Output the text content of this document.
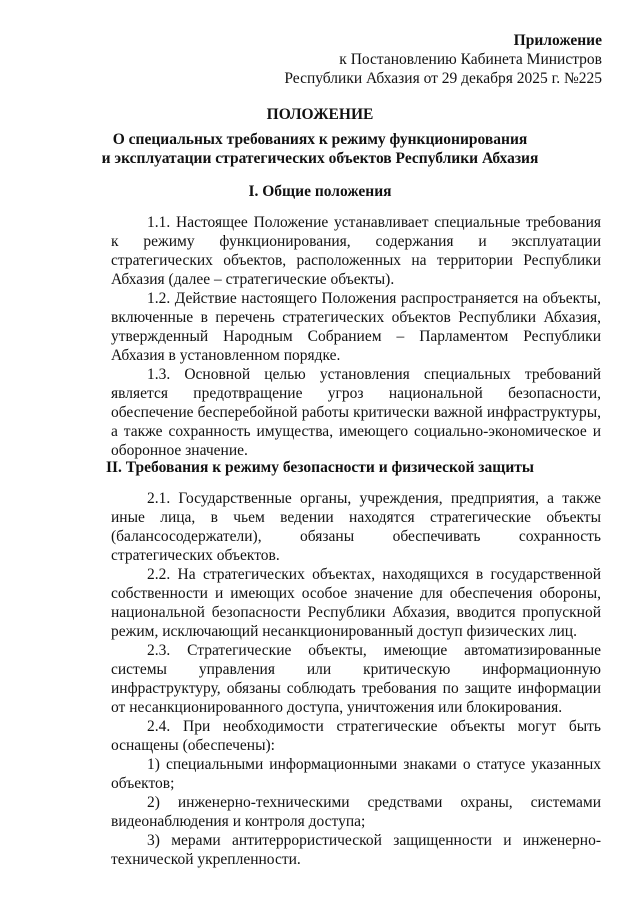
Приложение
к Постановлению Кабинета Министров
Республики Абхазия от 29 декабря 2025 г. №225
ПОЛОЖЕНИЕ
О специальных требованиях к режиму функционирования
и эксплуатации стратегических объектов Республики Абхазия
I. Общие положения

1.1. Настоящее Положение устанавливает специальные требования к режиму функционирования, содержания и эксплуатации стратегических объектов, расположенных на территории Республики Абхазия (далее – стратегические объекты).

1.2. Действие настоящего Положения распространяется на объекты, включенные в перечень стратегических объектов Республики Абхазия, утвержденный Народным Собранием – Парламентом Республики Абхазия в установленном порядке.

1.3. Основной целью установления специальных требований является предотвращение угроз национальной безопасности, обеспечение бесперебойной работы критически важной инфраструктуры, а также сохранность имущества, имеющего социально-экономическое и оборонное значение.

II. Требования к режиму безопасности и физической защиты

2.1. Государственные органы, учреждения, предприятия, а также иные лица, в чьем ведении находятся стратегические объекты (балансосодержатели), обязаны обеспечивать сохранность стратегических объектов.

2.2. На стратегических объектах, находящихся в государственной собственности и имеющих особое значение для обеспечения обороны, национальной безопасности Республики Абхазия, вводится пропускной режим, исключающий несанкционированный доступ физических лиц.

2.3. Стратегические объекты, имеющие автоматизированные системы управления или критическую информационную инфраструктуру, обязаны соблюдать требования по защите информации от несанкционированного доступа, уничтожения или блокирования.

2.4. При необходимости стратегические объекты могут быть оснащены (обеспечены):

1) специальными информационными знаками о статусе указанных объектов;

2) инженерно-техническими средствами охраны, системами видеонаблюдения и контроля доступа;

3) мерами антитеррористической защищенности и инженерно-технической укрепленности.
